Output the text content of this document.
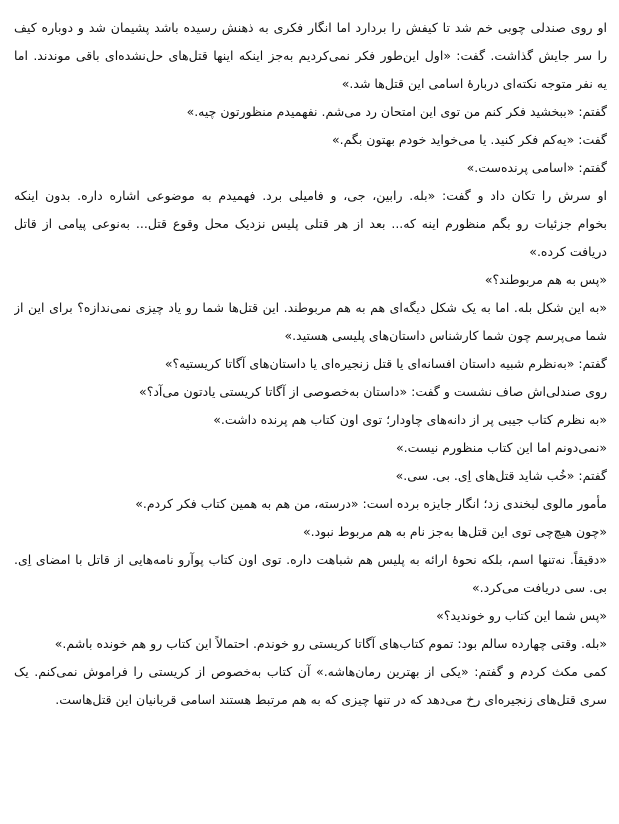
او روی صندلی چوبی خم شد تا کیفش را بردارد اما انگار فکری به ذهنش رسیده باشد پشیمان شد و دوباره کیف
را سر جایش گذاشت. گفت: «اول این‌طور فکر نمی‌کردیم به‌جز اینکه اینها قتل‌های حل‌نشده‌ای باقی موندند. اما
یه نفر متوجه نکته‌ای درباره‌ٔ اسامی این قتل‌ها شد.»
گفتم: «ببخشید فکر کنم من توی این امتحان رد می‌شم. نفهمیدم منظورتون چیه.»
گفت: «یه‌کم فکر کنید. یا می‌خواید خودم بهتون بگم.»
گفتم: «اسامی پرنده‌ست.»
او سرش را تکان داد و گفت: «بله. رابین، جی، و فامیلی برد. فهمیدم به موضوعی اشاره داره. بدون اینکه
بخوام جزئیات رو بگم منظورم اینه که... بعد از هر قتلی پلیس نزدیک محل وقوع قتل... به‌نوعی پیامی از قاتل
دریافت کرده.»
«پس به هم مربوطند؟»
«به این شکل بله. اما به یک شکل دیگه‌ای هم به هم مربوطند. این قتل‌ها شما رو یاد چیزی نمی‌ندازه؟ برای این از
شما می‌پرسم چون شما کارشناس داستان‌های پلیسی هستید.»
گفتم: «به‌نظرم شبیه داستان افسانه‌ای یا قتل زنجیره‌ای یا داستان‌های آگاتا کریستیه؟»
روی صندلی‌اش صاف نشست و گفت: «داستان به‌خصوصی از آگاتا کریستی یادتون می‌آد؟»
«به نظرم کتاب جیبی پر از دانه‌های چاودار؛ توی اون کتاب هم پرنده داشت.»
«نمی‌دونم اما این کتاب منظورم نیست.»
گفتم: «خُب شاید قتل‌های اِی. بی. سی.»
مأمور مالوی لبخندی زد؛ انگار جایزه برده است: «درسته، من هم به همین کتاب فکر کردم.»
«چون هیچ‌چی توی این قتل‌ها به‌جز نام به هم مربوط نبود.»
«دقیقاً. نه‌تنها اسم، بلکه نحوهٔ ارائه به پلیس هم شباهت داره. توی اون کتاب پوآرو نامه‌هایی از قاتل با امضای اِی.
بی. سی دریافت می‌کرد.»
«پس شما این کتاب رو خوندید؟»
«بله. وقتی چهارده سالم بود: تموم کتاب‌های آگاتا کریستی رو خوندم. احتمالاً این کتاب رو هم خونده باشم.»
کمی مکث کردم و گفتم: «یکی از بهترین رمان‌هاشه.» آن کتاب به‌خصوص از کریستی را فراموش نمی‌کنم. یک
سری قتل‌های زنجیره‌ای رخ می‌دهد که در تنها چیزی که به هم مرتبط هستند اسامی قربانیان این قتل‌هاست.
